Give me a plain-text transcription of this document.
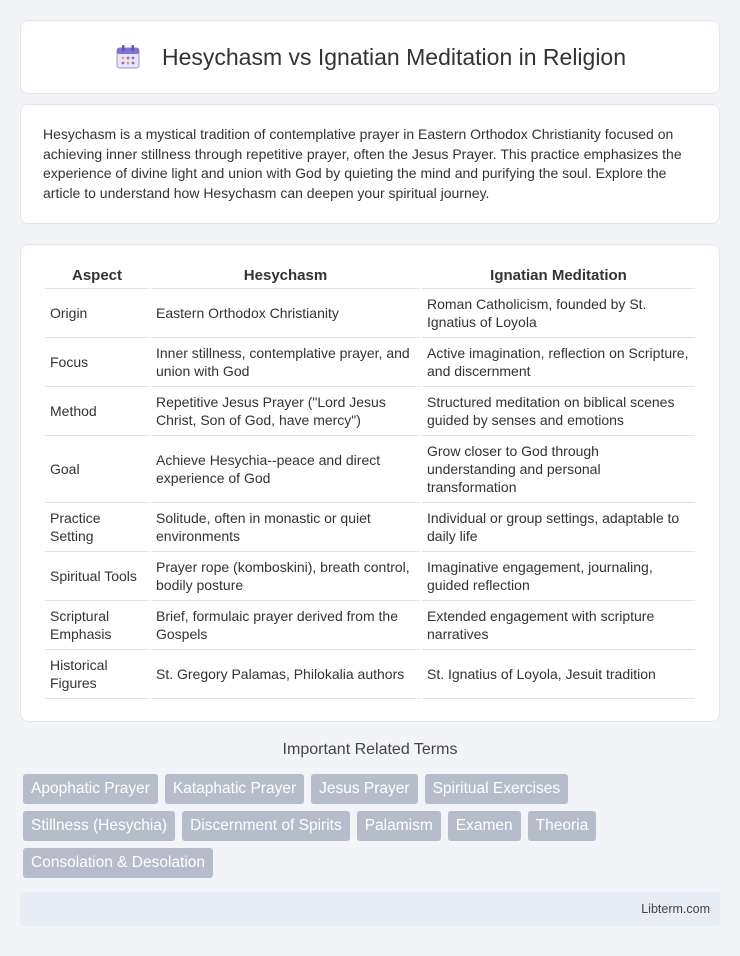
Hesychasm vs Ignatian Meditation in Religion

Hesychasm is a mystical tradition of contemplative prayer in Eastern Orthodox Christianity focused on achieving inner stillness through repetitive prayer, often the Jesus Prayer. This practice emphasizes the experience of divine light and union with God by quieting the mind and purifying the soul. Explore the article to understand how Hesychasm can deepen your spiritual journey.

Aspect	Hesychasm	Ignatian Meditation
Origin	Eastern Orthodox Christianity	Roman Catholicism, founded by St. Ignatius of Loyola
Focus	Inner stillness, contemplative prayer, and union with God	Active imagination, reflection on Scripture, and discernment
Method	Repetitive Jesus Prayer ("Lord Jesus Christ, Son of God, have mercy")	Structured meditation on biblical scenes guided by senses and emotions
Goal	Achieve Hesychia--peace and direct experience of God	Grow closer to God through understanding and personal transformation
Practice Setting	Solitude, often in monastic or quiet environments	Individual or group settings, adaptable to daily life
Spiritual Tools	Prayer rope (komboskini), breath control, bodily posture	Imaginative engagement, journaling, guided reflection
Scriptural Emphasis	Brief, formulaic prayer derived from the Gospels	Extended engagement with scripture narratives
Historical Figures	St. Gregory Palamas, Philokalia authors	St. Ignatius of Loyola, Jesuit tradition
Important Related Terms
Apophatic Prayer	Kataphatic Prayer	Jesus Prayer	Spiritual Exercises
Stillness (Hesychia)	Discernment of Spirits	Palamism	Examen	Theoria
Consolation & Desolation
Libterm.com
